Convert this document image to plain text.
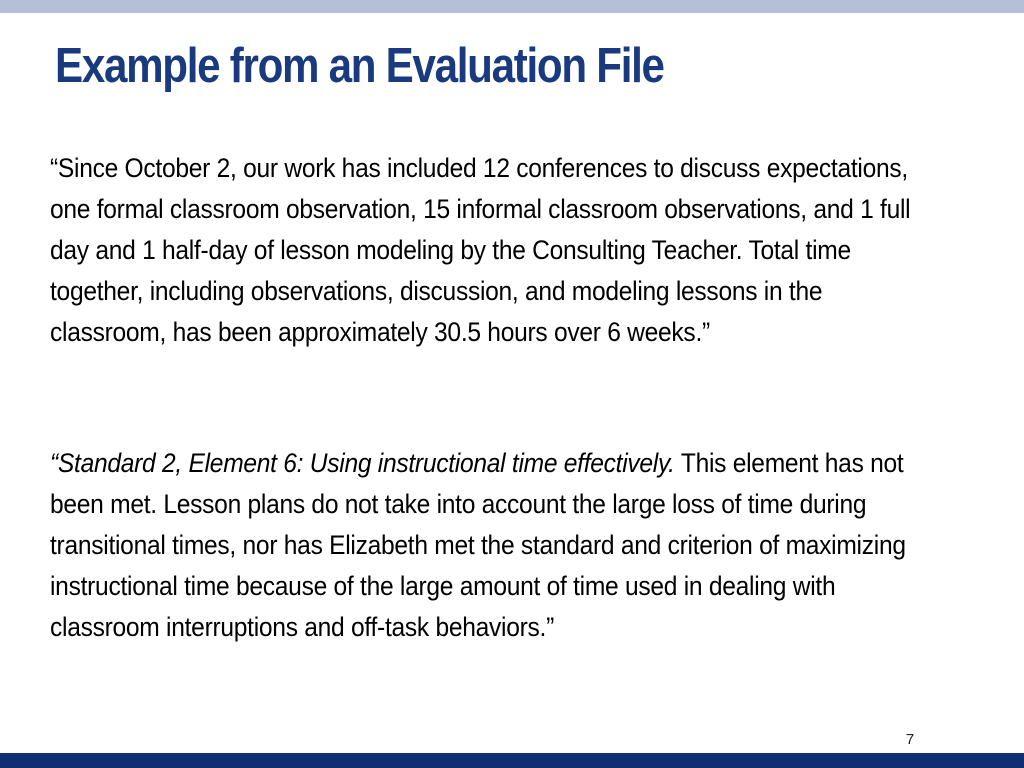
Example from an Evaluation File

“Since October 2, our work has included 12 conferences to discuss expectations, one formal classroom observation, 15 informal classroom observations, and 1 full day and 1 half-day of lesson modeling by the Consulting Teacher. Total time together, including observations, discussion, and modeling lessons in the classroom, has been approximately 30.5 hours over 6 weeks.”

“Standard 2, Element 6: Using instructional time effectively. This element has not been met. Lesson plans do not take into account the large loss of time during transitional times, nor has Elizabeth met the standard and criterion of maximizing instructional time because of the large amount of time used in dealing with classroom interruptions and off-task behaviors.”

7
